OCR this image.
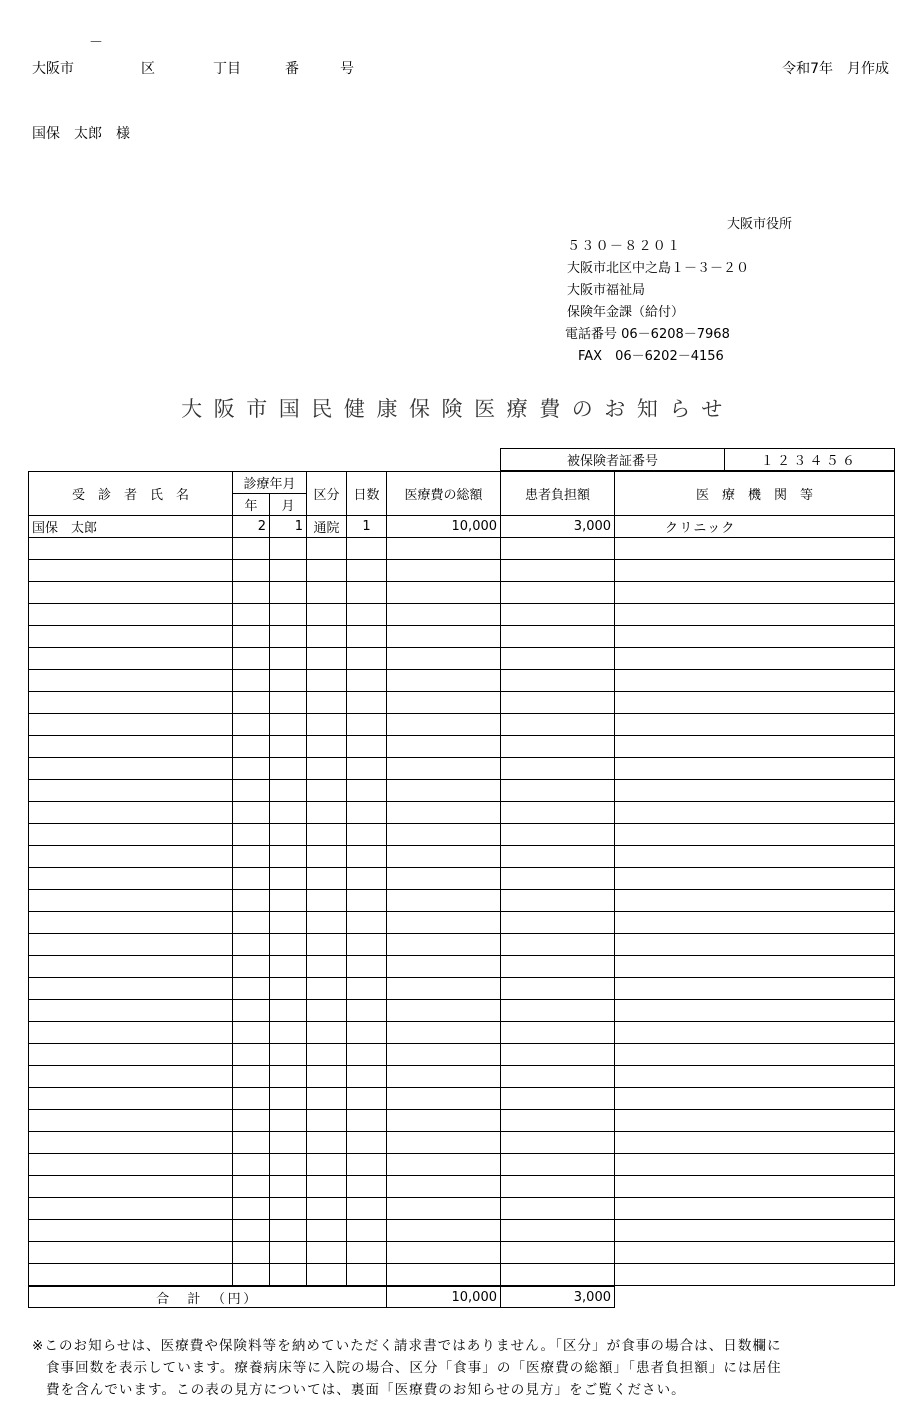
－
大阪市	区	丁目	番	号	令和7年　月作成
国保　太郎　様
大阪市役所
５３０－８２０１
大阪市北区中之島１－３－２０
大阪市福祉局
保険年金課（給付）
電話番号 06－6208－7968
FAX　06－6202－4156
大阪市国民健康保険医療費のお知らせ
被保険者証番号	１２３４５６
受　診　者　氏　名	診療年月		区分	日数	医療費の総額	患者負担額	医　療　機　関　等
	年	月					
国保　太郎	2	1	通院	1	10,000	3,000	クリニック

合　計　（円）	10,000	3,000
※このお知らせは、医療費や保険料等を納めていただく請求書ではありません。「区分」が食事の場合は、日数欄に
食事回数を表示しています。療養病床等に入院の場合、区分「食事」の「医療費の総額」「患者負担額」には居住
費を含んでいます。この表の見方については、裏面「医療費のお知らせの見方」をご覧ください。
